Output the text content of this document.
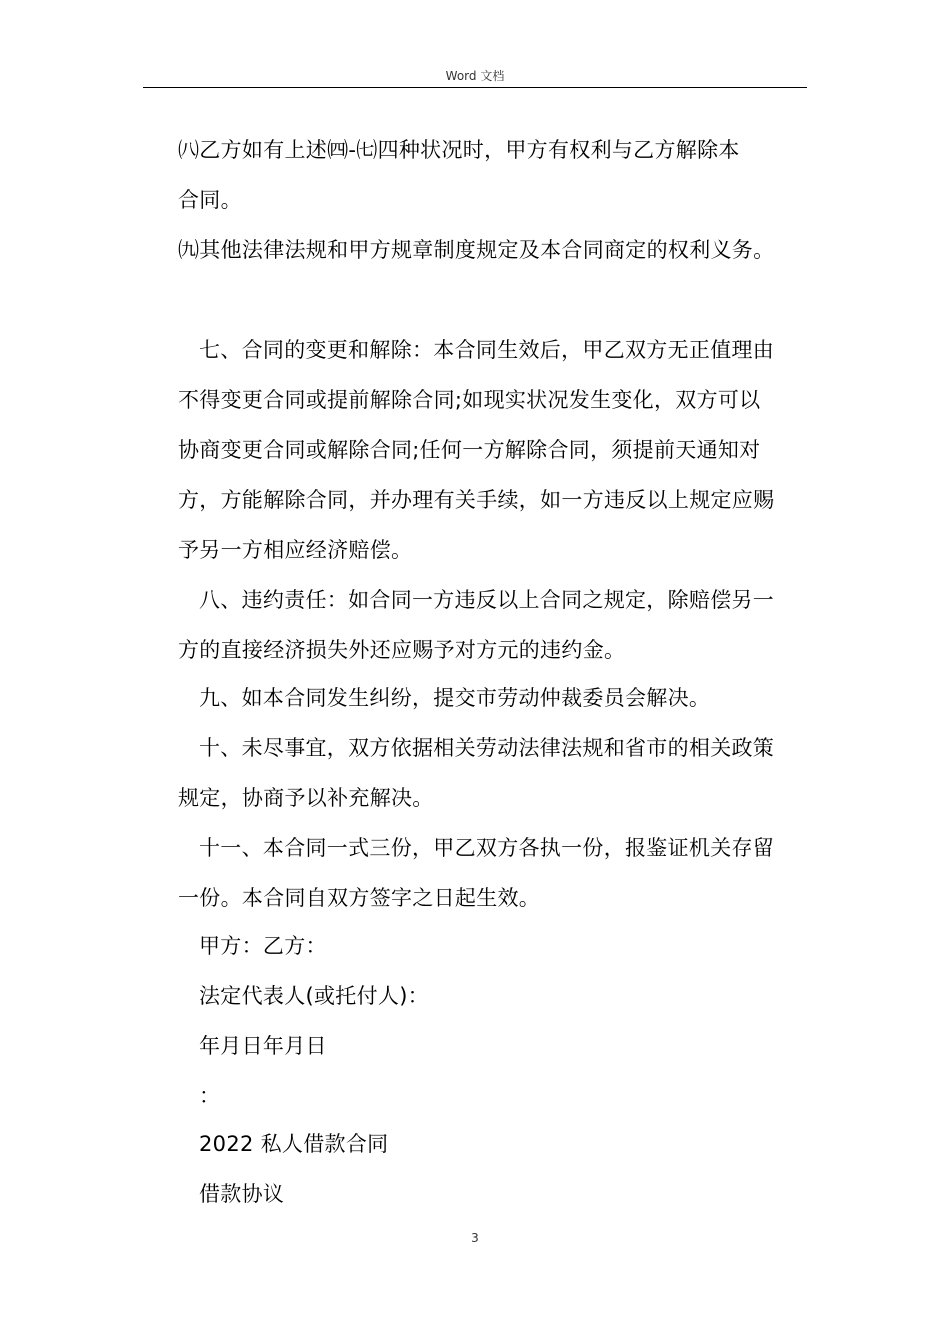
Word 文档
㈧乙方如有上述㈣-㈦四种状况时，甲方有权利与乙方解除本
合同。
㈨其他法律法规和甲方规章制度规定及本合同商定的权利义务。
七、合同的变更和解除：本合同生效后，甲乙双方无正值理由
不得变更合同或提前解除合同;如现实状况发生变化，双方可以
协商变更合同或解除合同;任何一方解除合同，须提前天通知对
方，方能解除合同，并办理有关手续，如一方违反以上规定应赐
予另一方相应经济赔偿。
八、违约责任：如合同一方违反以上合同之规定，除赔偿另一
方的直接经济损失外还应赐予对方元的违约金。
九、如本合同发生纠纷，提交市劳动仲裁委员会解决。
十、未尽事宜，双方依据相关劳动法律法规和省市的相关政策
规定，协商予以补充解决。
十一、本合同一式三份，甲乙双方各执一份，报鉴证机关存留
一份。本合同自双方签字之日起生效。
甲方：乙方：
法定代表人(或托付人)：
年月日年月日
：
2022 私人借款合同
借款协议
3
